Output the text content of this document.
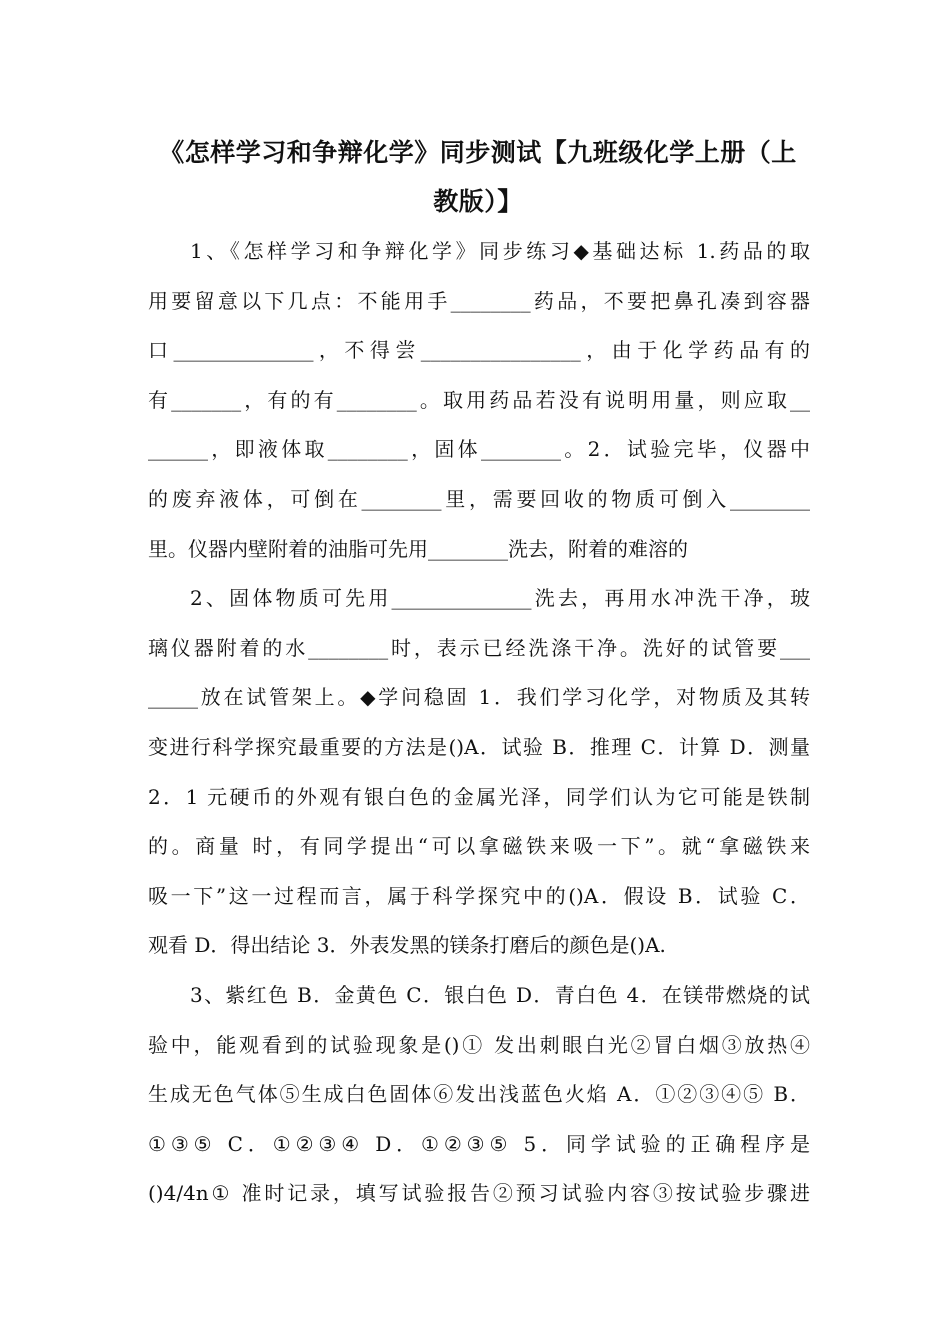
《怎样学习和争辩化学》同步测试【九班级化学上册（上
教版）】
1、《怎样学习和争辩化学》同步练习◆基础达标 1.药品的取
用要留意以下几点：不能用手________药品，不要把鼻孔凑到容器
口______________，不得尝________________，由于化学药品有的
有_______，有的有________。取用药品若没有说明用量，则应取__
______，即液体取________，固体________。2．试验完毕，仪器中
的废弃液体，可倒在________里，需要回收的物质可倒入________
里。仪器内壁附着的油脂可先用________洗去，附着的难溶的
2、固体物质可先用______________洗去，再用水冲洗干净，玻
璃仪器附着的水________时，表示已经洗涤干净。洗好的试管要___
_____放在试管架上。◆学问稳固 1．我们学习化学，对物质及其转
变进行科学探究最重要的方法是()A．试验 B．推理 C．计算 D．测量
2．1 元硬币的外观有银白色的金属光泽，同学们认为它可能是铁制
的。商量 时，有同学提出“可以拿磁铁来吸一下”。就“拿磁铁来
吸一下”这一过程而言，属于科学探究中的()A．假设 B．试验 C．
观看 D．得出结论 3．外表发黑的镁条打磨后的颜色是()A.
3、紫红色 B．金黄色 C．银白色 D．青白色 4．在镁带燃烧的试
验中，能观看到的试验现象是()① 发出刺眼白光②冒白烟③放热④
生成无色气体⑤生成白色固体⑥发出浅蓝色火焰 A．①②③④⑤ B．
①③⑤ C．①②③④ D．①②③⑤ 5．同学试验的正确程序是
()4/4n① 准时记录，填写试验报告②预习试验内容③按试验步骤进
